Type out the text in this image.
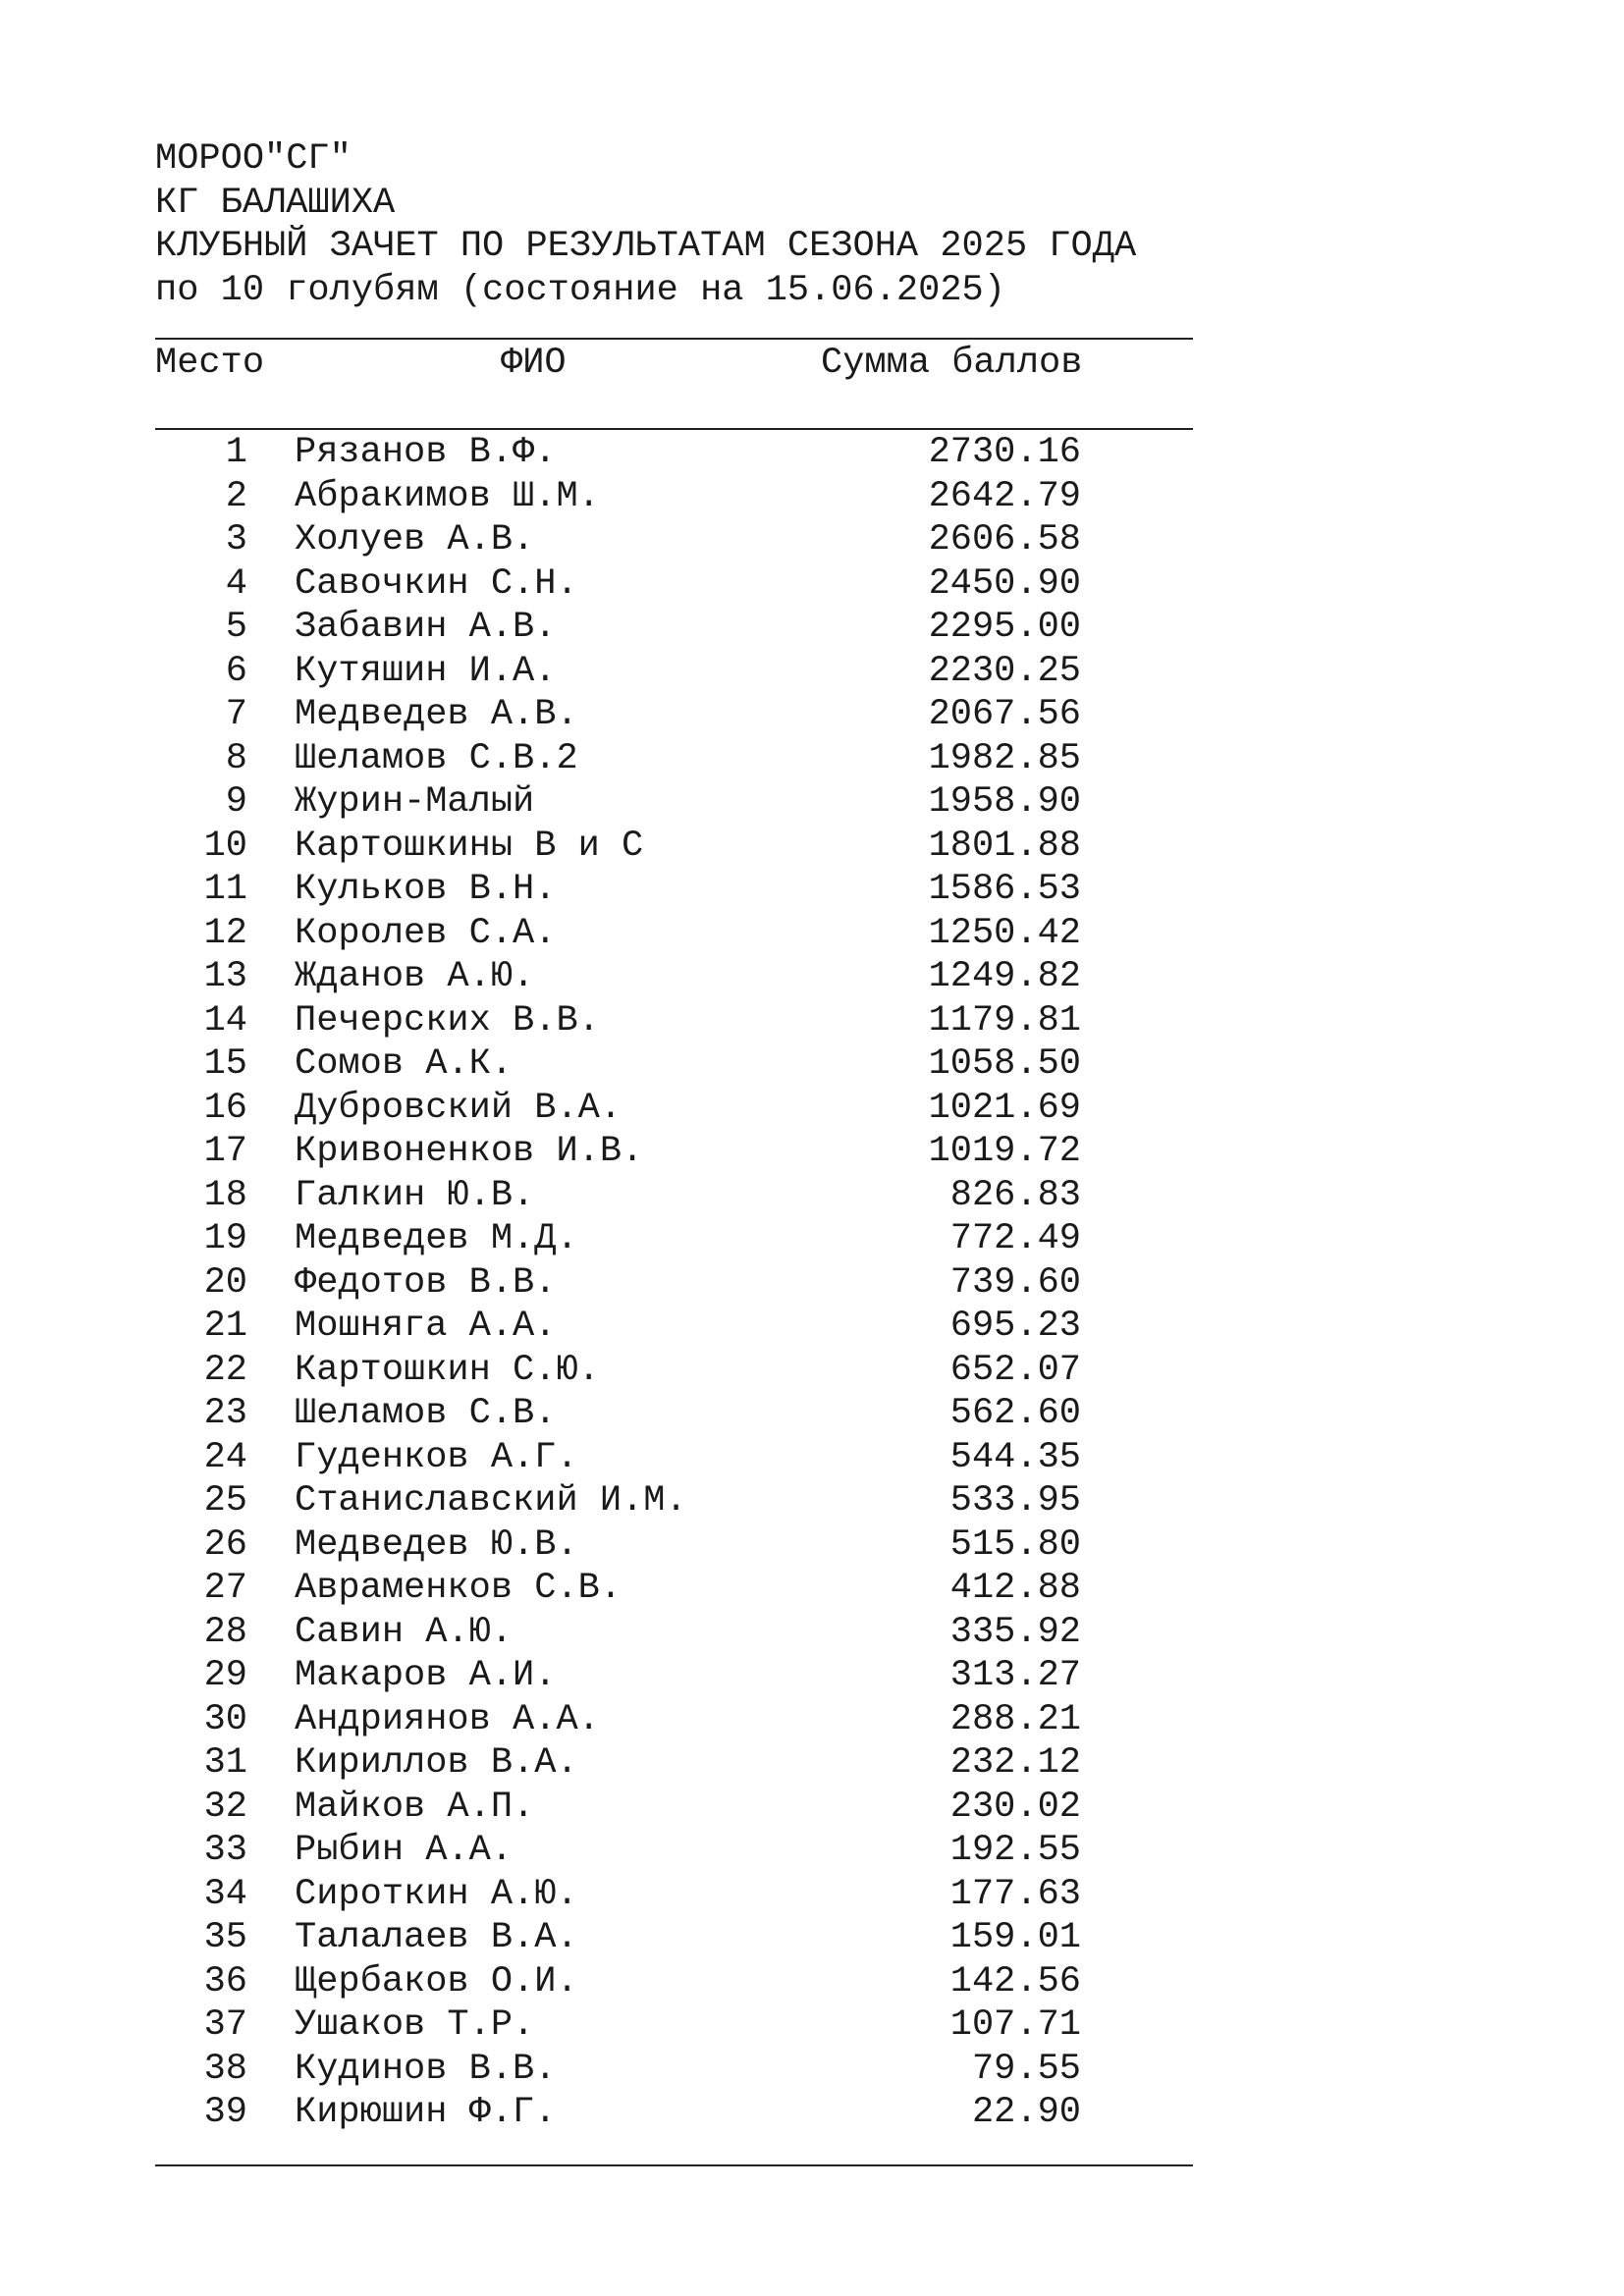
МОРОО"СГ"
КГ БАЛАШИХА
КЛУБНЫЙ ЗАЧЕТ ПО РЕЗУЛЬТАТАМ СЕЗОНА 2025 ГОДА
по 10 голубям (состояние на 15.06.2025)
Место	ФИО	Сумма баллов
1 Рязанов В.Ф.	2730.16
2 Абракимов Ш.М.	2642.79
3 Холуев А.В.	2606.58
4 Савочкин С.Н.	2450.90
5 Забавин А.В.	2295.00
6 Кутяшин И.А.	2230.25
7 Медведев А.В.	2067.56
8 Шеламов С.В.2	1982.85
9 Журин-Малый	1958.90
10 Картошкины В и С	1801.88
11 Кульков В.Н.	1586.53
12 Королев С.А.	1250.42
13 Жданов А.Ю.	1249.82
14 Печерских В.В.	1179.81
15 Сомов А.К.	1058.50
16 Дубровский В.А.	1021.69
17 Кривоненков И.В.	1019.72
18 Галкин Ю.В.	826.83
19 Медведев М.Д.	772.49
20 Федотов В.В.	739.60
21 Мошняга А.А.	695.23
22 Картошкин С.Ю.	652.07
23 Шеламов С.В.	562.60
24 Гуденков А.Г.	544.35
25 Станиславский И.М.	533.95
26 Медведев Ю.В.	515.80
27 Авраменков С.В.	412.88
28 Савин А.Ю.	335.92
29 Макаров А.И.	313.27
30 Андриянов А.А.	288.21
31 Кириллов В.А.	232.12
32 Майков А.П.	230.02
33 Рыбин А.А.	192.55
34 Сироткин А.Ю.	177.63
35 Талалаев В.А.	159.01
36 Щербаков О.И.	142.56
37 Ушаков Т.Р.	107.71
38 Кудинов В.В.	79.55
39 Кирюшин Ф.Г.	22.90
